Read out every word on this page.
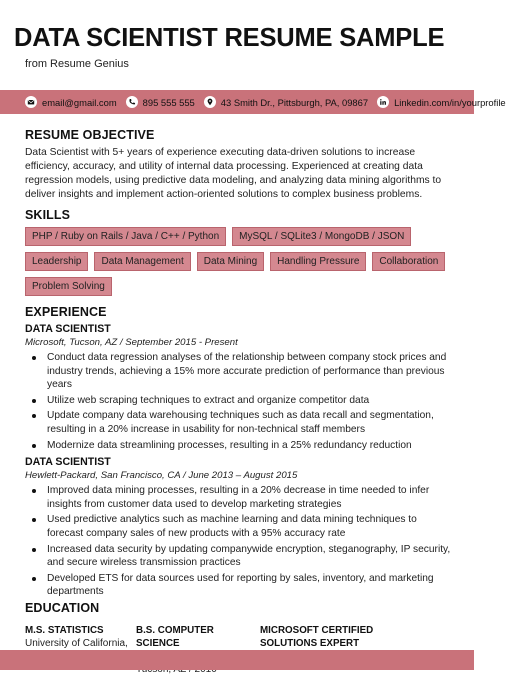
DATA SCIENTIST RESUME SAMPLE
from Resume Genius
email@gmail.com	895 555 555	43 Smith Dr., Pittsburgh, PA, 09867	Linkedin.com/in/yourprofile
RESUME OBJECTIVE

Data Scientist with 5+ years of experience executing data-driven solutions to increase efficiency, accuracy, and utility of internal data processing. Experienced at creating data regression models, using predictive data modeling, and analyzing data mining algorithms to deliver insights and implement action-oriented solutions to complex business problems.

SKILLS
PHP / Ruby on Rails / Java / C++ / Python	MySQL / SQLite3 / MongoDB / JSON
Leadership	Data Management	Data Mining	Handling Pressure	Collaboration
Problem Solving
EXPERIENCE
DATA SCIENTIST
Microsoft, Tucson, AZ / September 2015 - Present
Conduct data regression analyses of the relationship between company stock prices and industry trends, achieving a 15% more accurate prediction of performance than previous years
Utilize web scraping techniques to extract and organize competitor data
Update company data warehousing techniques such as data recall and segmentation, resulting in a 20% increase in usability for non-technical staff members
Modernize data streamlining processes, resulting in a 25% redundancy reduction
DATA SCIENTIST
Hewlett-Packard, San Francisco, CA / June 2013 – August 2015
Improved data mining processes, resulting in a 20% decrease in time needed to infer insights from customer data used to develop marketing strategies
Used predictive analytics such as machine learning and data mining techniques to forecast company sales of new products with a 95% accuracy rate
Increased data security by updating companywide encryption, steganography, IP security, and secure wireless transmission practices
Developed ETS for data sources used for reporting by sales, inventory, and marketing departments
EDUCATION
M.S. STATISTICS
University of California,
B.S. COMPUTER SCIENCE
MICROSOFT CERTIFIED
SOLUTIONS EXPERT
